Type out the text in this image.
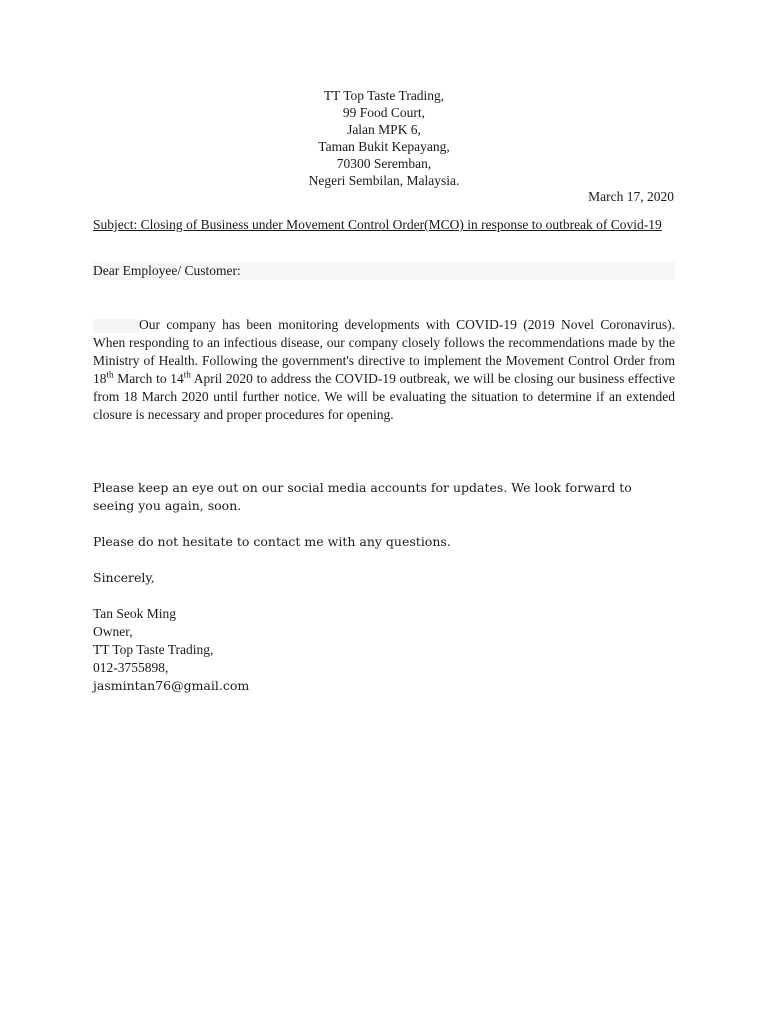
TT Top Taste Trading,
99 Food Court,
Jalan MPK 6,
Taman Bukit Kepayang,
70300 Seremban,
Negeri Sembilan, Malaysia.
March 17, 2020
Subject: Closing of Business under Movement Control Order(MCO) in response to outbreak of Covid-19
Dear Employee/ Customer:
Our company has been monitoring developments with COVID-19 (2019 Novel Coronavirus). When responding to an infectious disease, our company closely follows the recommendations made by the Ministry of Health. Following the government's directive to implement the Movement Control Order from 18th March to 14th April 2020 to address the COVID-19 outbreak, we will be closing our business effective from 18 March 2020 until further notice. We will be evaluating the situation to determine if an extended closure is necessary and proper procedures for opening.
Please keep an eye out on our social media accounts for updates. We look forward to seeing you again, soon.
Please do not hesitate to contact me with any questions.
Sincerely,
Tan Seok Ming
Owner,
TT Top Taste Trading,
012-3755898,
jasmintan76@gmail.com
